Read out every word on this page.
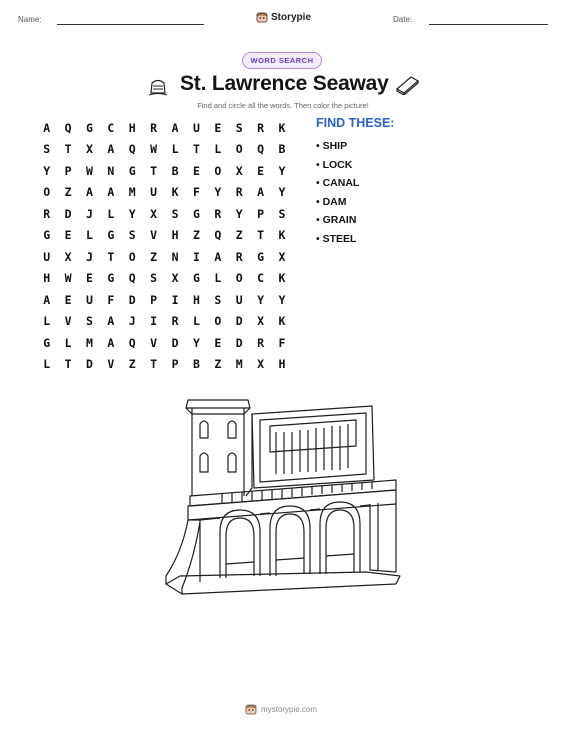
Name:	Storypie	Date:
WORD SEARCH
St. Lawrence Seaway
Find and circle all the words. Then color the picture!
A	Q	G	C	H	R	A	U	E	S	R	K
S	T	X	A	Q	W	L	T	L	O	Q	B
Y	P	W	N	G	T	B	E	O	X	E	Y
O	Z	A	A	M	U	K	F	Y	R	A	Y
R	D	J	L	Y	X	S	G	R	Y	P	S
G	E	L	G	S	V	H	Z	Q	Z	T	K
U	X	J	T	O	Z	N	I	A	R	G	X
H	W	E	G	Q	S	X	G	L	O	C	K
A	E	U	F	D	P	I	H	S	U	Y	Y
L	V	S	A	J	I	R	L	O	D	X	K
G	L	M	A	Q	V	D	Y	E	D	R	F
L	T	D	V	Z	T	P	B	Z	M	X	H
FIND THESE:
• SHIP
• LOCK
• CANAL
• DAM
• GRAIN
• STEEL
mystorypie.com
